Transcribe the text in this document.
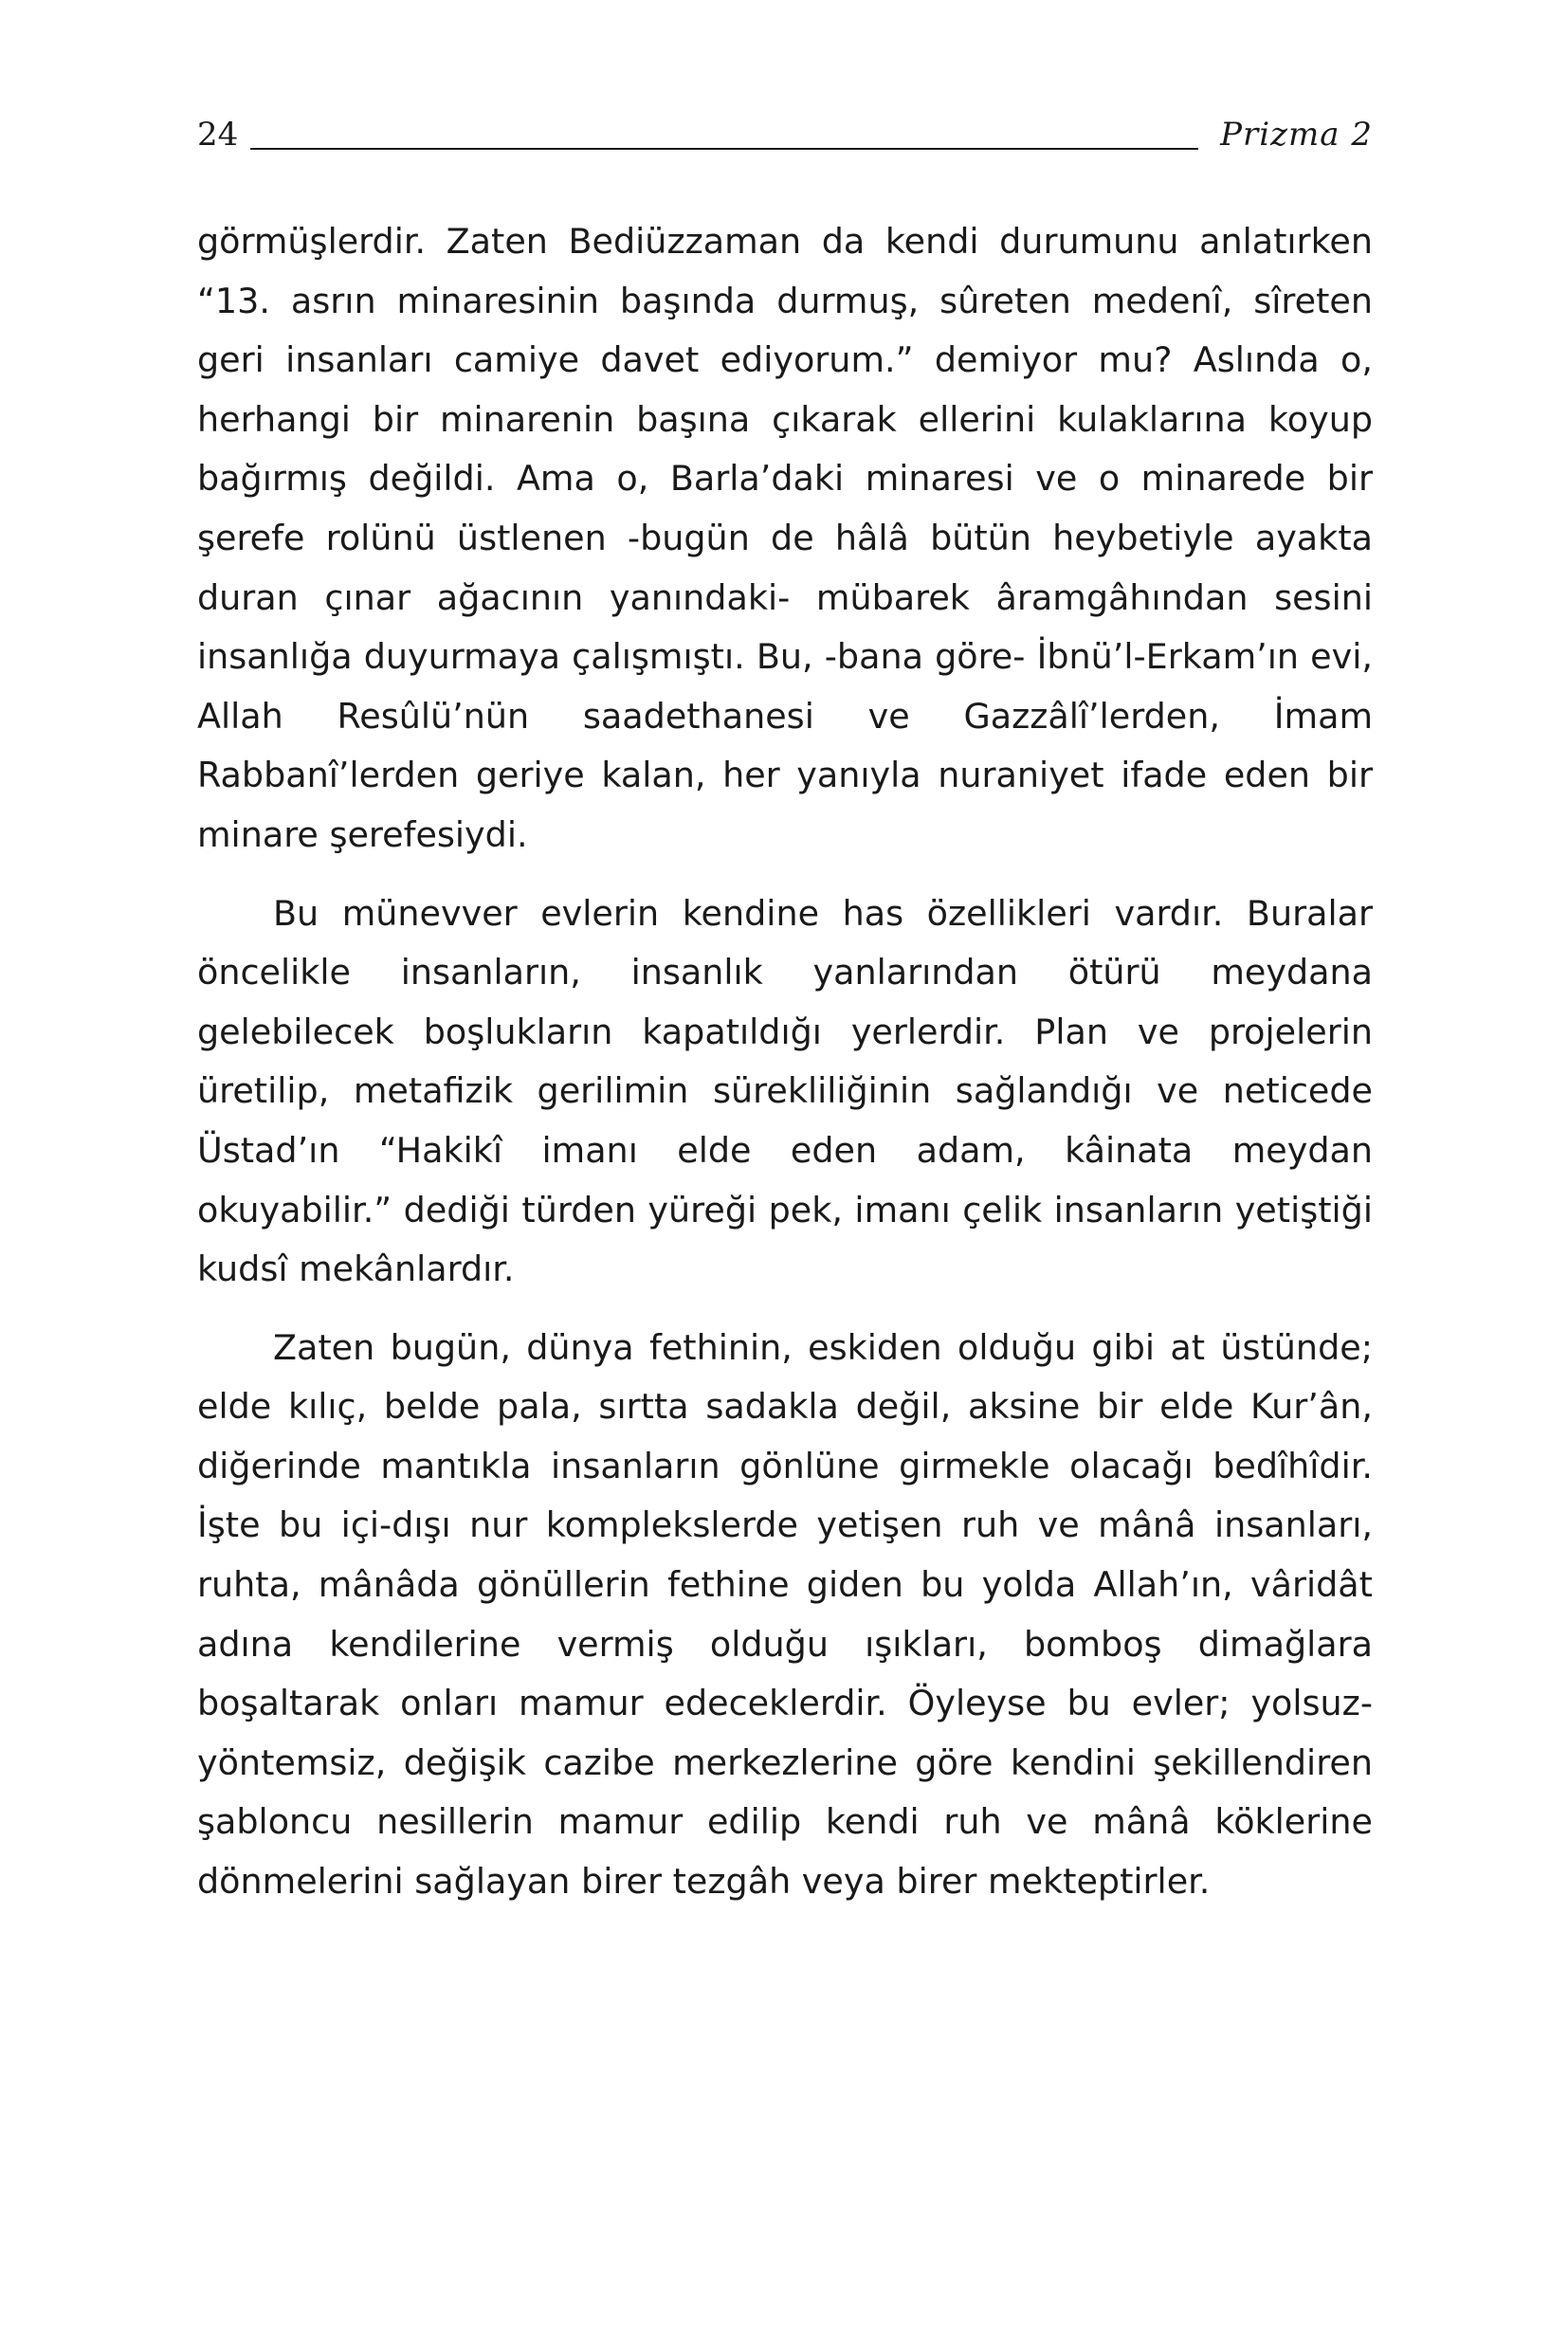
24	Prizma 2

görmüşlerdir. Zaten Bediüzzaman da kendi durumunu anlatırken “13. asrın minaresinin başında durmuş, sûreten medenî, sîreten geri insanları camiye davet ediyorum.” demiyor mu? Aslında o, herhangi bir minarenin başına çıkarak ellerini kulaklarına koyup bağırmış değildi. Ama o, Barla’daki minaresi ve o minarede bir şerefe rolünü üstlenen -bugün de hâlâ bütün heybetiyle ayakta duran çınar ağacının yanındaki- mübarek âramgâhından sesini insanlığa duyurmaya çalışmıştı. Bu, -bana göre- İbnü’l-Erkam’ın evi, Allah Resûlü’nün saadethanesi ve Gazzâlî’lerden, İmam Rabbanî’lerden geriye kalan, her yanıyla nuraniyet ifade eden bir minare şerefesiydi.

Bu münevver evlerin kendine has özellikleri vardır. Buralar öncelikle insanların, insanlık yanlarından ötürü meydana gelebilecek boşlukların kapatıldığı yerlerdir. Plan ve projelerin üretilip, metafizik gerilimin sürekliliğinin sağlandığı ve neticede Üstad’ın “Hakikî imanı elde eden adam, kâinata meydan okuyabilir.” dediği türden yüreği pek, imanı çelik insanların yetiştiği kudsî mekânlardır.

Zaten bugün, dünya fethinin, eskiden olduğu gibi at üstünde; elde kılıç, belde pala, sırtta sadakla değil, aksine bir elde Kur’ân, diğerinde mantıkla insanların gönlüne girmekle olacağı bedîhîdir. İşte bu içi-dışı nur komplekslerde yetişen ruh ve mânâ insanları, ruhta, mânâda gönüllerin fethine giden bu yolda Allah’ın, vâridât adına kendilerine vermiş olduğu ışıkları, bomboş dimağlara boşaltarak onları mamur edeceklerdir. Öyleyse bu evler; yolsuz-yöntemsiz, değişik cazibe merkezlerine göre kendini şekillendiren şabloncu nesillerin mamur edilip kendi ruh ve mânâ köklerine dönmelerini sağlayan birer tezgâh veya birer mekteptirler.
